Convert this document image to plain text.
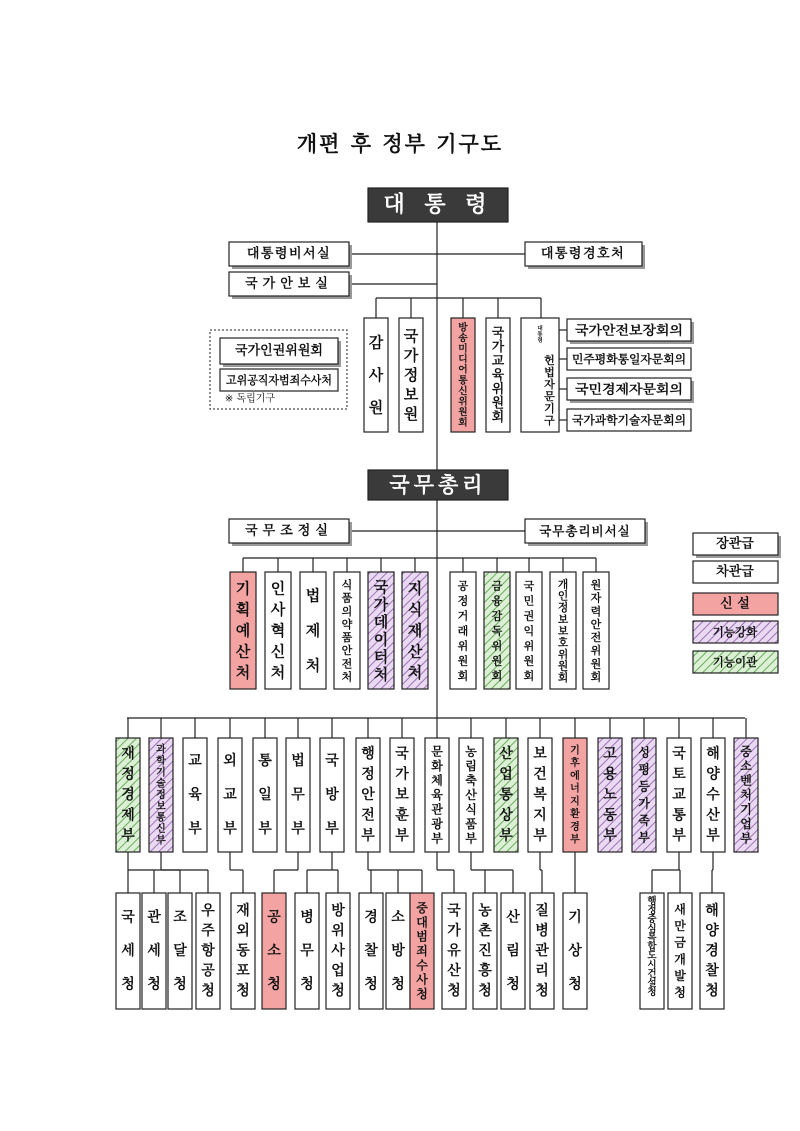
개편 후 정부 기구도
대 통 령
대통령비서실	대통령경호처
국가안보실
국가인권위원회
고위공직자범죄수사처
※ 독립기구
감 사 원
국 가 정 보 원
방 송 미 디 어 통 신 위 원 회
국 가 교 육 위 원 회
헌 법 자 문 기 구
대 통 령
국가안전보장회의
민주평화통일자문회의
국민경제자문회의
국가과학기술자문회의
국무총리
국무조정실	국무총리비서실
장관급
차관급
신 설
기능강화
기능이관
기 획 예 산 처
인 사 혁 신 처
법 제 처
식 품 의 약 품 안 전 처
국 가 데 이 터 처
지 식 재 산 처
공 정 거 래 위 원 회
금 융 감 독 위 원 회
국 민 권 익 위 원 회
개 인 정 보 보 호 위 원 회
원 자 력 안 전 위 원 회
재 정 경 제 부
과 학 기 술 정 보 통 신 부
교 육 부
외 교 부
통 일 부
법 무 부
국 방 부
행 정 안 전 부
국 가 보 훈 부
문 화 체 육 관 광 부
농 림 축 산 식 품 부
산 업 통 상 부
보 건 복 지 부
기 후 에 너 지 환 경 부
고 용 노 동 부
성 평 등 가 족 부
국 토 교 통 부
해 양 수 산 부
중 소 벤 처 기 업 부
국 세 청
관 세 청
조 달 청
우 주 항 공 청
재 외 동 포 청
공 소 청
병 무 청
방 위 사 업 청
경 찰 청
소 방 청
중 대 범 죄 수 사 청
국 가 유 산 청
농 촌 진 흥 청
산 림 청
질 병 관 리 청
기 상 청
행 정 중 심 복 합 도 시 건 설 청
새 만 금 개 발 청
해 양 경 찰 청
